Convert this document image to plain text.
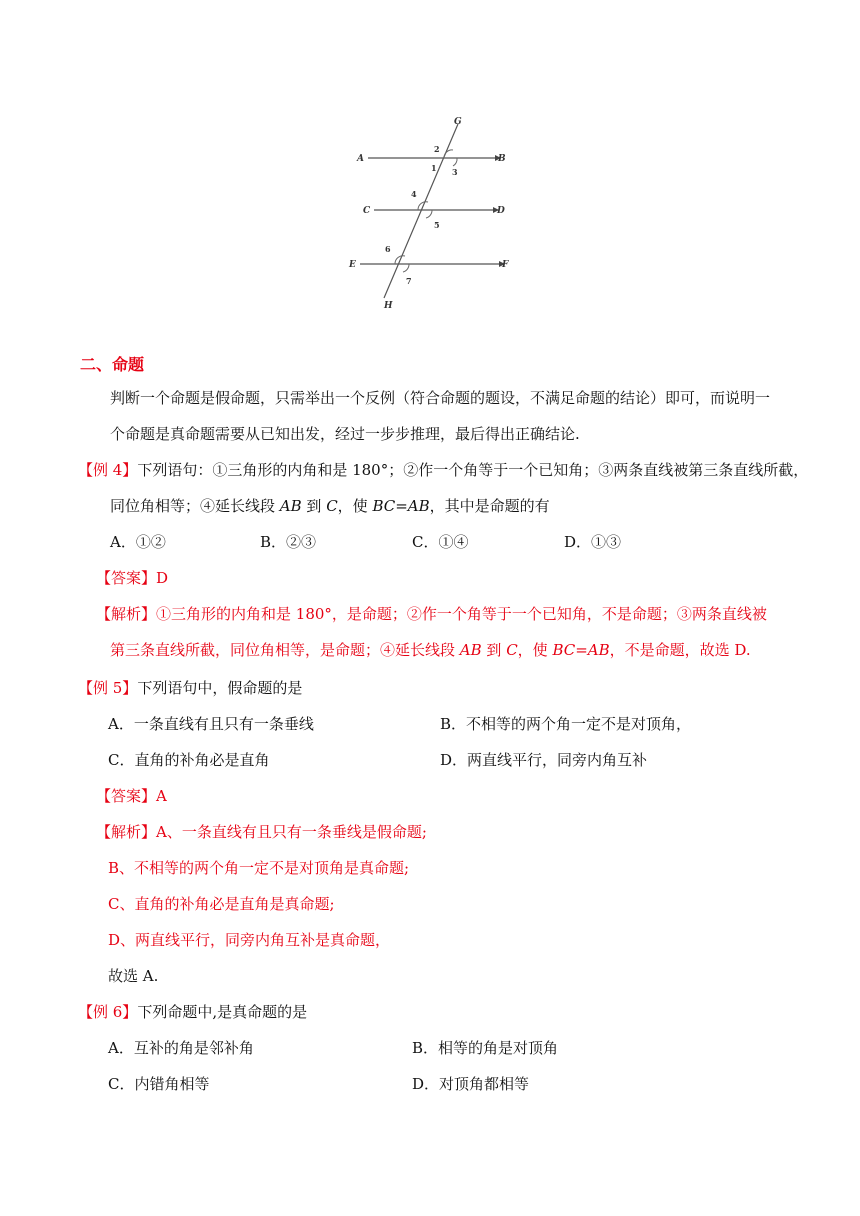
G
A	B
C	D
E	F
H
2
1 3
4
5
6
7
二、命题
判断一个命题是假命题，只需举出一个反例（符合命题的题设，不满足命题的结论）即可，而说明一
个命题是真命题需要从已知出发，经过一步步推理，最后得出正确结论.
【例 4】下列语句：①三角形的内角和是 180°；②作一个角等于一个已知角；③两条直线被第三条直线所截，
同位角相等；④延长线段 AB 到 C，使 BC=AB，其中是命题的有
A．①②	B．②③	C．①④	D．①③
【答案】D
【解析】①三角形的内角和是 180°，是命题；②作一个角等于一个已知角，不是命题；③两条直线被
第三条直线所截，同位角相等，是命题；④延长线段 AB 到 C，使 BC=AB，不是命题，故选 D.
【例 5】下列语句中，假命题的是
A．一条直线有且只有一条垂线	B．不相等的两个角一定不是对顶角，
C．直角的补角必是直角	D．两直线平行，同旁内角互补
【答案】A
【解析】A、一条直线有且只有一条垂线是假命题;
B、不相等的两个角一定不是对顶角是真命题;
C、直角的补角必是直角是真命题;
D、两直线平行，同旁内角互补是真命题，
故选 A.
【例 6】下列命题中,是真命题的是
A．互补的角是邻补角	B．相等的角是对顶角
C．内错角相等	D．对顶角都相等
